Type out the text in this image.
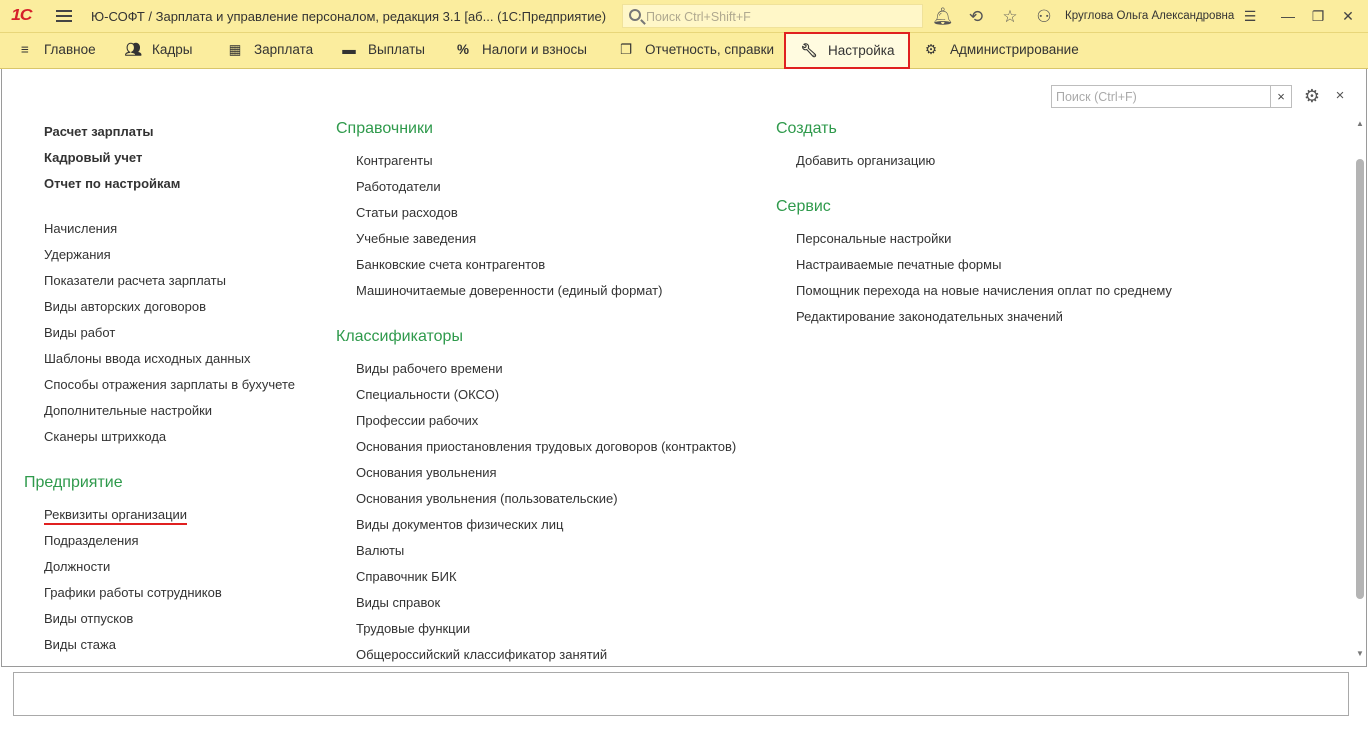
1С	Ю-СОФТ / Зарплата и управление персоналом, редакция 3.1 [аб... (1С:Предприятие)	Поиск Ctrl+Shift+F	🔔︎ ⟲ ☆ ⚇ Круглова Ольга Александровна ☰ — ❐ ✕
≡ Главное 👥︎ Кадры	▦ Зарплата ▬ Выплаты % Налоги и взносы ❐ Отчетность, справки	🔧︎ Настройка	⚙ Администрирование
Поиск (Ctrl+F)	×	⚙ ×
Расчет зарплаты
Кадровый учет
Отчет по настройкам
Начисления
Удержания
Показатели расчета зарплаты
Виды авторских договоров
Виды работ
Шаблоны ввода исходных данных
Способы отражения зарплаты в бухучете
Дополнительные настройки
Сканеры штрихкода
Предприятие
Реквизиты организации
Подразделения
Должности
Графики работы сотрудников
Виды отпусков
Виды стажа
Справочники
Контрагенты
Работодатели
Статьи расходов
Учебные заведения
Банковские счета контрагентов
Машиночитаемые доверенности (единый формат)
Классификаторы
Виды рабочего времени
Специальности (ОКСО)
Профессии рабочих
Основания приостановления трудовых договоров (контрактов)
Основания увольнения
Основания увольнения (пользовательские)
Виды документов физических лиц
Валюты
Справочник БИК
Виды справок
Трудовые функции
Общероссийский классификатор занятий
Создать
Добавить организацию
Сервис
Персональные настройки
Настраиваемые печатные формы
Помощник перехода на новые начисления оплат по среднему
Редактирование законодательных значений
▲
▼
